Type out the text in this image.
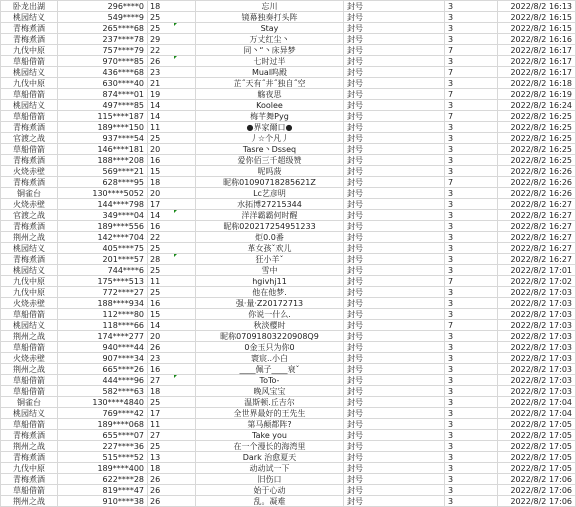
卧龙出湖	296****0	18	忘川	封号	3	2022/8/2 16:13
桃园结义	549****9	25	镜幕独奏打头阵	封号	3	2022/8/2 16:15
青梅煮酒	265****68	25	Stay	封号	3	2022/8/2 16:15
青梅煮酒	237****78	29	万丈红尘丶	封号	3	2022/8/2 16:16
九伐中原	757****79	22	同丶“丶床异梦	封号	7	2022/8/2 16:17
草船借箭	970****85	26	七时过半	封号	3	2022/8/2 16:17
桃园结义	436****68	23	Mual呜殿	封号	7	2022/8/2 16:17
九伐中原	630****40	21	芷˝天有˝井˝独自˝空	封号	3	2022/8/2 16:18
草船借箭	874****01	19	觞夜思	封号	7	2022/8/2 16:19
桃园结义	497****85	14	Koolee	封号	3	2022/8/2 16:24
草船借箭	115****187	14	梅芊舞Pyg	封号	7	2022/8/2 16:25
青梅煮酒	189****150	11	●界家爾口●	封号	3	2022/8/2 16:25
官渡之战	937****54	25	丿☆个凡丿	封号	3	2022/8/2 16:25
草船借箭	146****181	20	Tasre丶Dsseq	封号	3	2022/8/2 16:25
青梅煮酒	188****208	16	爱你佰三千超级赞	封号	3	2022/8/2 16:25
火烧赤壁	569****21	15	呢吗菠	封号	3	2022/8/2 16:26
青梅煮酒	628****95	18	昵称01090718285621Z	封号	7	2022/8/2 16:26
铜雀台	130****5052	20	Lc艺彦明	封号	3	2022/8/2 16:26
火烧赤壁	144****798	17	水拓博27215344	封号	3	2022/8/2 16:27
官渡之战	349****04	14	洋洋霸霸何时醒	封号	3	2022/8/2 16:27
青梅煮酒	189****556	16	昵称020217254951233	封号	3	2022/8/2 16:27
荆州之战	142****704	22	炬0.0番	封号	3	2022/8/2 16:27
桃园结义	405****75	25	革女孩ˇ欢儿	封号	3	2022/8/2 16:27
青梅煮酒	201****57	28	狂小羊ˇ	封号	3	2022/8/2 16:27
桃园结义	744****6	25	雪中	封号	3	2022/8/2 17:01
九伐中原	175****513	11	hgivhj11	封号	7	2022/8/2 17:02
九伐中原	772****27	25	他在他梦.	封号	3	2022/8/2 17:03
火烧赤壁	188****934	16	强·量·Z20172713	封号	3	2022/8/2 17:03
草船借箭	112****80	15	你说一什么.	封号	3	2022/8/2 17:03
桃园结义	118****66	14	秋淡樱时	封号	7	2022/8/2 17:03
荆州之战	174****277	20	昵称07091803220908Q9	封号	3	2022/8/2 17:03
草船借箭	940****44	26	0金玉只为你0	封号	3	2022/8/2 17:03
火烧赤壁	907****34	23	寰宸..小白	封号	3	2022/8/2 17:03
荆州之战	665****26	16	____佩子____衰ˇ	封号	3	2022/8/2 17:03
草船借箭	444****96	27	ToTo-	封号	3	2022/8/2 17:03
草船借箭	582****63	18	晚风宝宝	封号	3	2022/8/2 17:03
铜雀台	130****4840	25	温斯顿.丘吉尔	封号	3	2022/8/2 17:04
桃园结义	769****42	17	全世界最好的王先生	封号	3	2022/8/2 17:04
草船借箭	189****068	11	第马颠都阵?	封号	3	2022/8/2 17:05
青梅煮酒	655****07	27	Take you	封号	3	2022/8/2 17:05
荆州之战	227****36	25	在一个漫长的海湾里	封号	3	2022/8/2 17:05
青梅煮酒	515****52	13	Dark 治愈夏天	封号	3	2022/8/2 17:05
九伐中原	189****400	18	动动试一下	封号	3	2022/8/2 17:05
青梅煮酒	622****28	26	旧伤口	封号	3	2022/8/2 17:06
草船借箭	819****47	26	始于心动	封号	3	2022/8/2 17:06
荆州之战	910****38	26	乱。凝难	封号	3	2022/8/2 17:06
